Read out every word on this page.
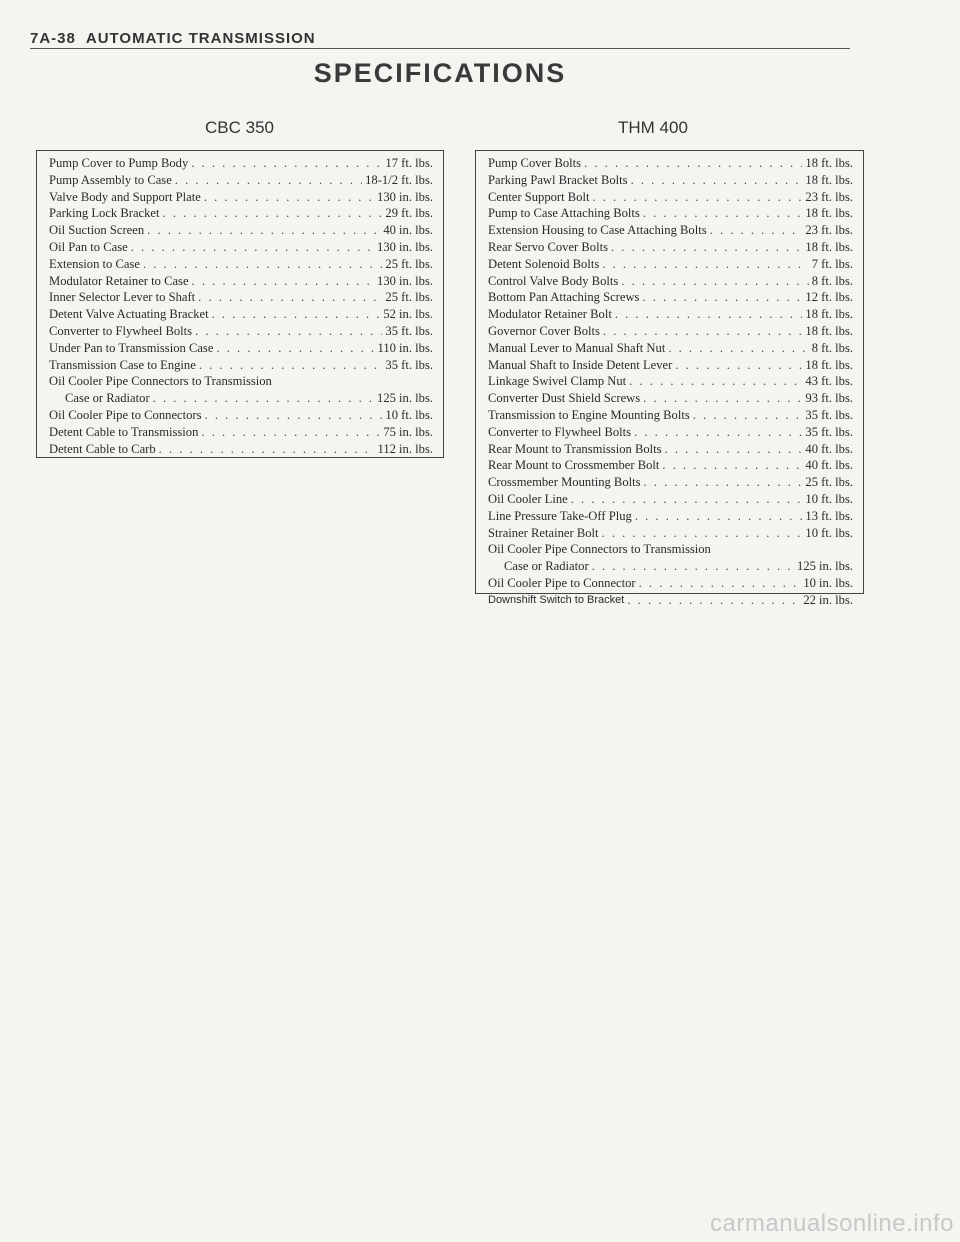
7A-38 AUTOMATIC TRANSMISSION
SPECIFICATIONS
CBC 350	THM 400
Pump Cover to Pump Body . . .	17 ft. lbs.
Pump Assembly to Case . . .	18-1/2 ft. lbs.
Valve Body and Support Plate . . .	130 in. lbs.
Parking Lock Bracket . . .	29 ft. lbs.
Oil Suction Screen . . .	40 in. lbs.
Oil Pan to Case . . .	130 in. lbs.
Extension to Case . . .	25 ft. lbs.
Modulator Retainer to Case . . .	130 in. lbs.
Inner Selector Lever to Shaft . . .	25 ft. lbs.
Detent Valve Actuating Bracket . . .	52 in. lbs.
Converter to Flywheel Bolts . . .	35 ft. lbs.
Under Pan to Transmission Case . . .	110 in. lbs.
Transmission Case to Engine . . .	35 ft. lbs.
Oil Cooler Pipe Connectors to Transmission
Case or Radiator . . .	125 in. lbs.
Oil Cooler Pipe to Connectors . . .	10 ft. lbs.
Detent Cable to Transmission . . .	75 in. lbs.
Detent Cable to Carb . . .	112 in. lbs.
Pump Cover Bolts . . .	18 ft. lbs.
Parking Pawl Bracket Bolts . . .	18 ft. lbs.
Center Support Bolt . . .	23 ft. lbs.
Pump to Case Attaching Bolts . . .	18 ft. lbs.
Extension Housing to Case Attaching Bolts . . .	23 ft. lbs.
Rear Servo Cover Bolts . . .	18 ft. lbs.
Detent Solenoid Bolts . . .	7 ft. lbs.
Control Valve Body Bolts . . .	8 ft. lbs.
Bottom Pan Attaching Screws . . .	12 ft. lbs.
Modulator Retainer Bolt . . .	18 ft. lbs.
Governor Cover Bolts . . .	18 ft. lbs.
Manual Lever to Manual Shaft Nut . . .	8 ft. lbs.
Manual Shaft to Inside Detent Lever . . .	18 ft. lbs.
Linkage Swivel Clamp Nut . . .	43 ft. lbs.
Converter Dust Shield Screws . . .	93 ft. lbs.
Transmission to Engine Mounting Bolts . . .	35 ft. lbs.
Converter to Flywheel Bolts . . .	35 ft. lbs.
Rear Mount to Transmission Bolts . . .	40 ft. lbs.
Rear Mount to Crossmember Bolt . . .	40 ft. lbs.
Crossmember Mounting Bolts . . .	25 ft. lbs.
Oil Cooler Line . . .	10 ft. lbs.
Line Pressure Take-Off Plug . . .	13 ft. lbs.
Strainer Retainer Bolt . . .	10 ft. lbs.
Oil Cooler Pipe Connectors to Transmission
Case or Radiator . . .	125 in. lbs.
Oil Cooler Pipe to Connector . . .	10 in. lbs.
Downshift Switch to Bracket . . .	22 in. lbs.
carmanualsonline.info
